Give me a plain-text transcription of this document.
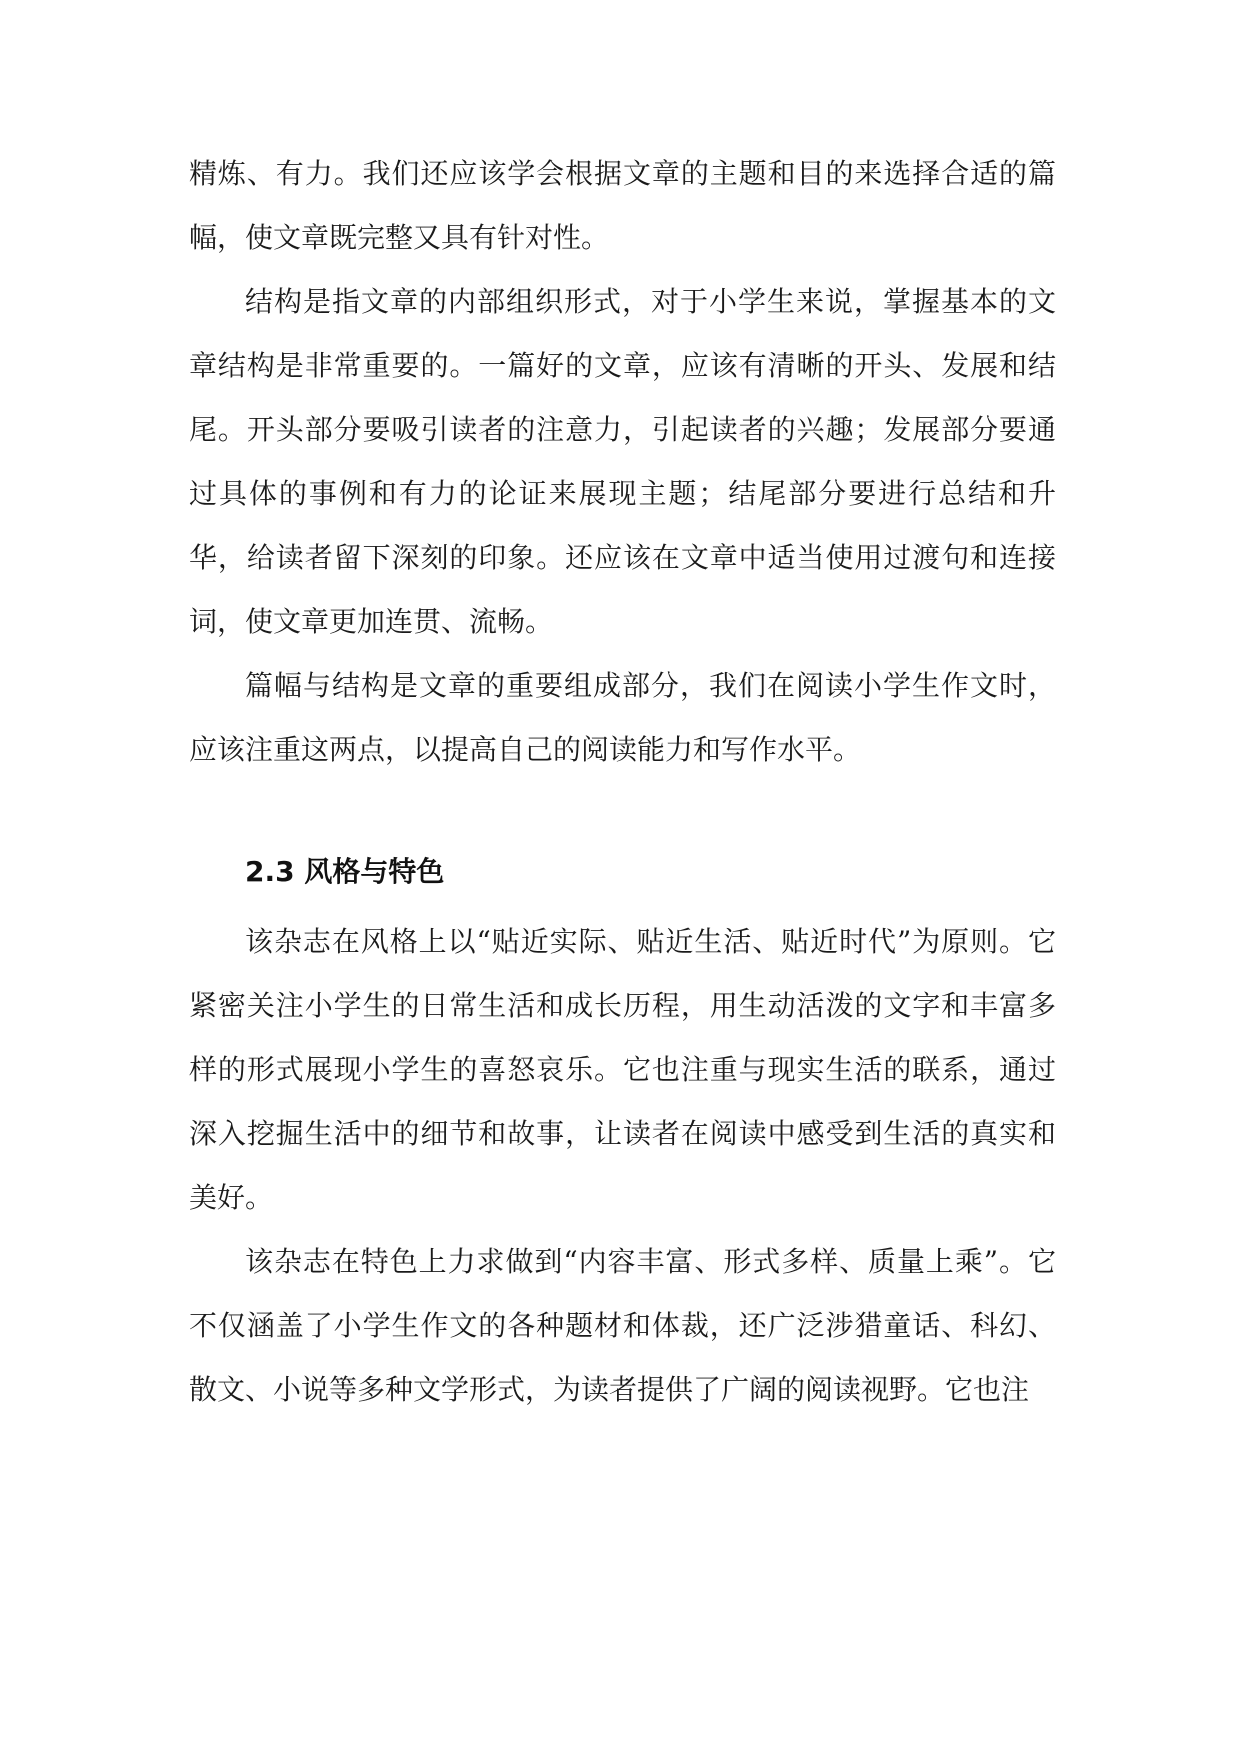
精炼、有力。我们还应该学会根据文章的主题和目的来选择合适的篇幅，使文章既完整又具有针对性。

结构是指文章的内部组织形式，对于小学生来说，掌握基本的文章结构是非常重要的。一篇好的文章，应该有清晰的开头、发展和结尾。开头部分要吸引读者的注意力，引起读者的兴趣；发展部分要通过具体的事例和有力的论证来展现主题；结尾部分要进行总结和升华，给读者留下深刻的印象。还应该在文章中适当使用过渡句和连接词，使文章更加连贯、流畅。

篇幅与结构是文章的重要组成部分，我们在阅读小学生作文时，应该注重这两点，以提高自己的阅读能力和写作水平。

2.3 风格与特色

该杂志在风格上以“贴近实际、贴近生活、贴近时代”为原则。它紧密关注小学生的日常生活和成长历程，用生动活泼的文字和丰富多样的形式展现小学生的喜怒哀乐。它也注重与现实生活的联系，通过深入挖掘生活中的细节和故事，让读者在阅读中感受到生活的真实和美好。

该杂志在特色上力求做到“内容丰富、形式多样、质量上乘”。它不仅涵盖了小学生作文的各种题材和体裁，还广泛涉猎童话、科幻、散文、小说等多种文学形式，为读者提供了广阔的阅读视野。它也注
